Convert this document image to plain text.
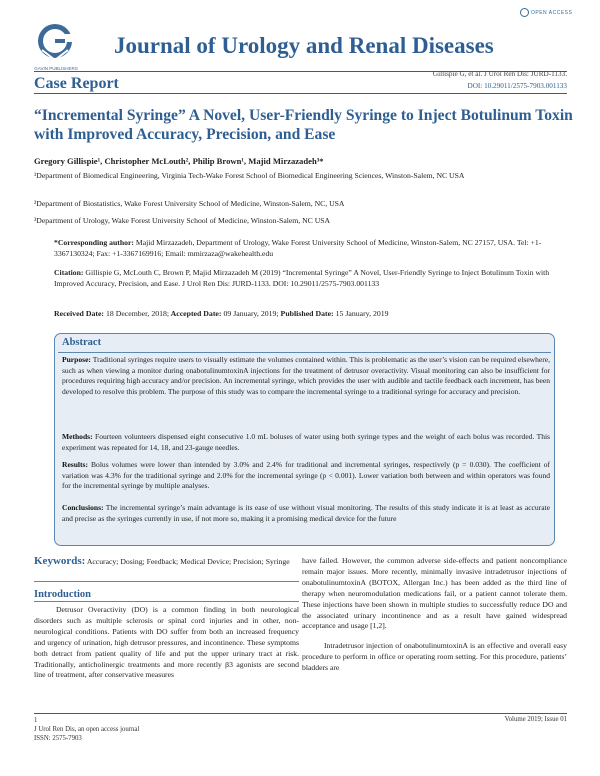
OPEN ACCESS
GAVIN PUBLISHERS
Journal of Urology and Renal Diseases
Case Report
Gillispie G, et al. J Urol Ren Dis: JURD-1133.
DOI: 10.29011/2575-7903.001133
“Incremental Syringe” A Novel, User-Friendly Syringe to Inject Botulinum Toxin with Improved Accuracy, Precision, and Ease
Gregory Gillispie¹, Christopher McLouth², Philip Brown¹, Majid Mirzazadeh³*
¹Department of Biomedical Engineering, Virginia Tech-Wake Forest School of Biomedical Engineering Sciences, Winston-Salem, NC USA
²Department of Biostatistics, Wake Forest University School of Medicine, Winston-Salem, NC, USA
³Department of Urology, Wake Forest University School of Medicine, Winston-Salem, NC USA
*Corresponding author: Majid Mirzazadeh, Department of Urology, Wake Forest University School of Medicine, Winston-Salem, NC 27157, USA. Tel: +1-3367130324; Fax: +1-3367169916; Email: mmirzaza@wakehealth.edu
Citation: Gillispie G, McLouth C, Brown P, Majid Mirzazadeh M (2019) “Incremental Syringe” A Novel, User-Friendly Syringe to Inject Botulinum Toxin with Improved Accuracy, Precision, and Ease. J Urol Ren Dis: JURD-1133. DOI: 10.29011/2575-7903.001133
Received Date: 18 December, 2018; Accepted Date: 09 January, 2019; Published Date: 15 January, 2019
Abstract
Purpose: Traditional syringes require users to visually estimate the volumes contained within. This is problematic as the user’s vision can be required elsewhere, such as when viewing a monitor during onabotulinumtoxinA injections for the treatment of detrusor overactivity. Visual monitoring can also be insufficient for procedures requiring high accuracy and/or precision. An incremental syringe, which provides the user with audible and tactile feedback each increment, has been developed to resolve this problem. The purpose of this study was to compare the incremental syringe to a traditional syringe for accuracy and precision.
Methods: Fourteen volunteers dispensed eight consecutive 1.0 mL boluses of water using both syringe types and the weight of each bolus was recorded. This experiment was repeated for 14, 18, and 23-gauge needles.
Results: Bolus volumes were lower than intended by 3.0% and 2.4% for traditional and incremental syringes, respectively (p = 0.030). The coefficient of variation was 4.3% for the traditional syringe and 2.0% for the incremental syringe (p < 0.001). Lower variation both between and within operators was found for the incremental syringe by multiple analyses.
Conclusions: The incremental syringe’s main advantage is its ease of use without visual monitoring. The results of this study indicate it is at least as accurate and precise as the syringes currently in use, if not more so, making it a promising medical device for the future
Keywords: Accuracy; Dosing; Feedback; Medical Device; Precision; Syringe
Introduction
Detrusor Overactivity (DO) is a common finding in both neurological disorders such as multiple sclerosis or spinal cord injuries and in other, non-neurological conditions. Patients with DO suffer from both an increased frequency and urgency of urination, high detrusor pressures, and incontinence. These symptoms both detract from patient quality of life and put the upper urinary tract at risk. Traditionally, anticholinergic treatments and more recently β3 agonists are second line of treatment, after conservative measures
have failed. However, the common adverse side-effects and patient noncompliance remain major issues. More recently, minimally invasive intradetrusor injections of onabotulinumtoxinA (BOTOX, Allergan Inc.) has been added as the third line of therapy when neuromodulation medications fail, or a patient cannot tolerate them. These injections have been shown in multiple studies to successfully reduce DO and the associated urinary incontinence and as a result have gained widespread acceptance and usage [1,2].
Intradetrusor injection of onabotulinumtoxinA is an effective and overall easy procedure to perform in office or operating room setting. For this procedure, patients’ bladders are
1
J Urol Ren Dis, an open access journal
ISSN: 2575-7903
Volume 2019; Issue 01
